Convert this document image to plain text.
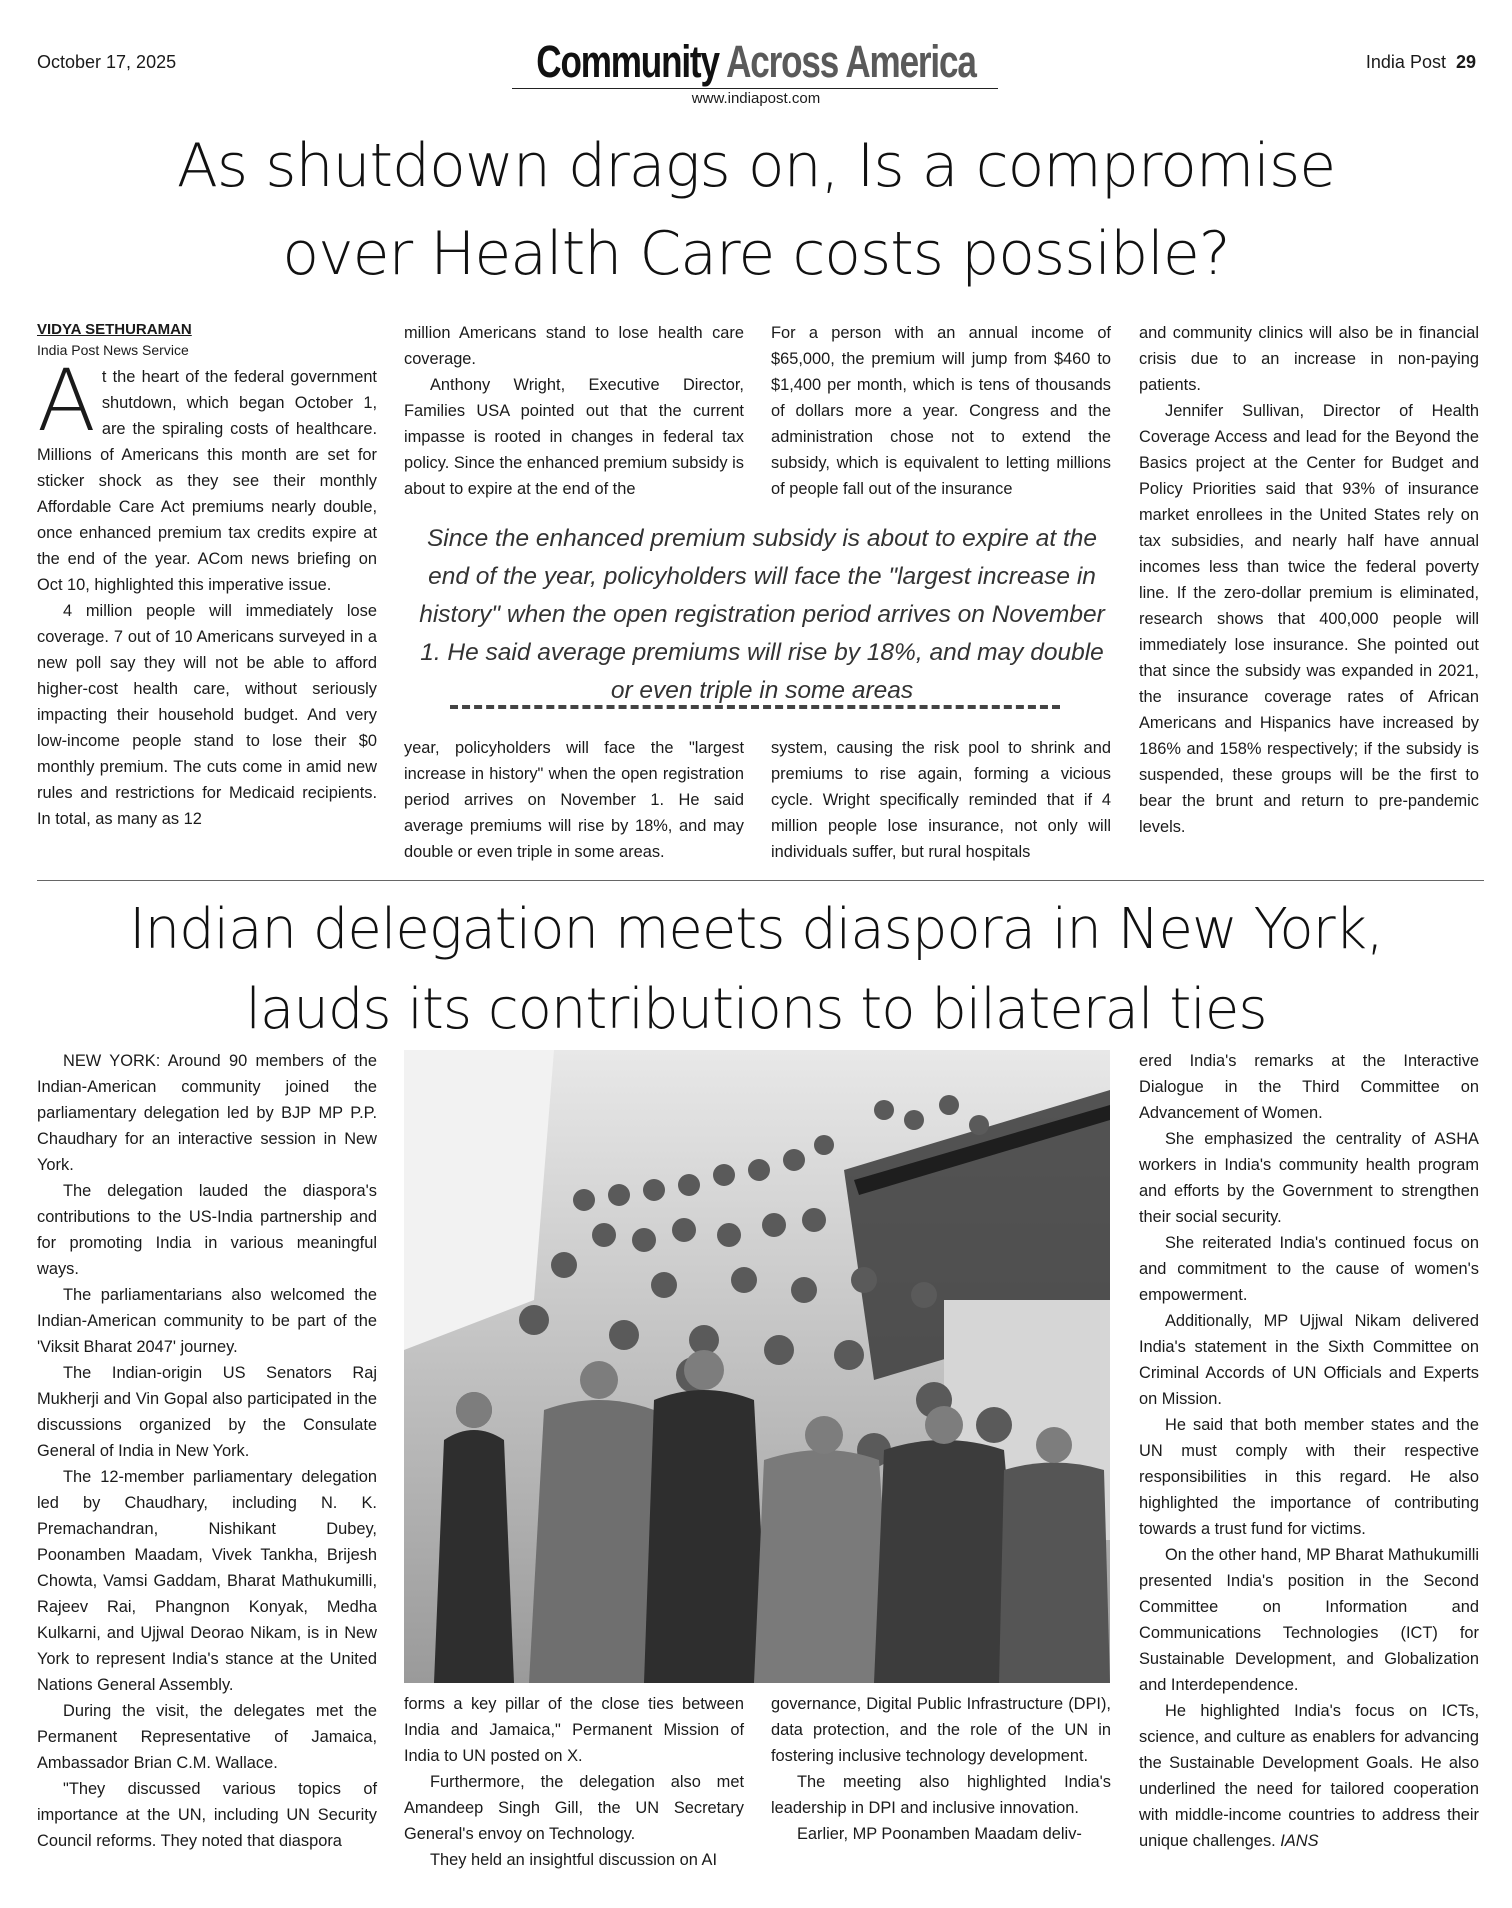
October 17, 2025	Community Across America
www.indiapost.com
India Post 29
As shutdown drags on, Is a compromise
over Health Care costs possible?
VIDYA SETHURAMAN
India Post News Service
A t the heart of the federal government shutdown, which began October 1, are the spiraling costs of healthcare. Millions of Americans this month are set for sticker shock as they see their monthly Affordable Care Act premiums nearly double, once enhanced premium tax credits expire at the end of the year. ACom news briefing on Oct 10, highlighted this imperative issue.

4 million people will immediately lose coverage. 7 out of 10 Americans surveyed in a new poll say they will not be able to afford higher-cost health care, without seriously impacting their household budget. And very low-income people stand to lose their $0 monthly premium. The cuts come in amid new rules and restrictions for Medicaid recipients. In total, as many as 12

million Americans stand to lose health care coverage.

Anthony Wright, Executive Director, Families USA pointed out that the current impasse is rooted in changes in federal tax policy. Since the enhanced premium subsidy is about to expire at the end of the

For a person with an annual income of $65,000, the premium will jump from $460 to $1,400 per month, which is tens of thousands of dollars more a year. Congress and the administration chose not to extend the subsidy, which is equivalent to letting millions of people fall out of the insurance

Since the enhanced premium subsidy is about to expire at the end of the year, policyholders will face the "largest increase in history" when the open registration period arrives on November 1. He said average premiums will rise by 18%, and may double or even triple in some areas

year, policyholders will face the "largest increase in history" when the open registration period arrives on November 1. He said average premiums will rise by 18%, and may double or even triple in some areas.

system, causing the risk pool to shrink and premiums to rise again, forming a vicious cycle. Wright specifically reminded that if 4 million people lose insurance, not only will individuals suffer, but rural hospitals

and community clinics will also be in financial crisis due to an increase in non-paying patients.

Jennifer Sullivan, Director of Health Coverage Access and lead for the Beyond the Basics project at the Center for Budget and Policy Priorities said that 93% of insurance market enrollees in the United States rely on tax subsidies, and nearly half have annual incomes less than twice the federal poverty line. If the zero-dollar premium is eliminated, research shows that 400,000 people will immediately lose insurance. She pointed out that since the subsidy was expanded in 2021, the insurance coverage rates of African Americans and Hispanics have increased by 186% and 158% respectively; if the subsidy is suspended, these groups will be the first to bear the brunt and return to pre-pandemic levels.

Indian delegation meets diaspora in New York,
lauds its contributions to bilateral ties

NEW YORK: Around 90 members of the Indian-American community joined the parliamentary delegation led by BJP MP P.P. Chaudhary for an interactive session in New York.

The delegation lauded the diaspora's contributions to the US-India partnership and for promoting India in various meaningful ways.

The parliamentarians also welcomed the Indian-American community to be part of the 'Viksit Bharat 2047' journey.

The Indian-origin US Senators Raj Mukherji and Vin Gopal also participated in the discussions organized by the Consulate General of India in New York.

The 12-member parliamentary delegation led by Chaudhary, including N. K. Premachandran, Nishikant Dubey, Poonamben Maadam, Vivek Tankha, Brijesh Chowta, Vamsi Gaddam, Bharat Mathukumilli, Rajeev Rai, Phangnon Konyak, Medha Kulkarni, and Ujjwal Deorao Nikam, is in New York to represent India's stance at the United Nations General Assembly.

During the visit, the delegates met the Permanent Representative of Jamaica, Ambassador Brian C.M. Wallace.

"They discussed various topics of importance at the UN, including UN Security Council reforms. They noted that diaspora

forms a key pillar of the close ties between India and Jamaica," Permanent Mission of India to UN posted on X.

Furthermore, the delegation also met Amandeep Singh Gill, the UN Secretary General's envoy on Technology.

They held an insightful discussion on AI

governance, Digital Public Infrastructure (DPI), data protection, and the role of the UN in fostering inclusive technology development.

The meeting also highlighted India's leadership in DPI and inclusive innovation.

Earlier, MP Poonamben Maadam deliv-

ered India's remarks at the Interactive Dialogue in the Third Committee on Advancement of Women.

She emphasized the centrality of ASHA workers in India's community health program and efforts by the Government to strengthen their social security.

She reiterated India's continued focus on and commitment to the cause of women's empowerment.

Additionally, MP Ujjwal Nikam delivered India's statement in the Sixth Committee on Criminal Accords of UN Officials and Experts on Mission.

He said that both member states and the UN must comply with their respective responsibilities in this regard. He also highlighted the importance of contributing towards a trust fund for victims.

On the other hand, MP Bharat Mathukumilli presented India's position in the Second Committee on Information and Communications Technologies (ICT) for Sustainable Development, and Globalization and Interdependence.

He highlighted India's focus on ICTs, science, and culture as enablers for advancing the Sustainable Development Goals. He also underlined the need for tailored cooperation with middle-income countries to address their unique challenges. IANS
